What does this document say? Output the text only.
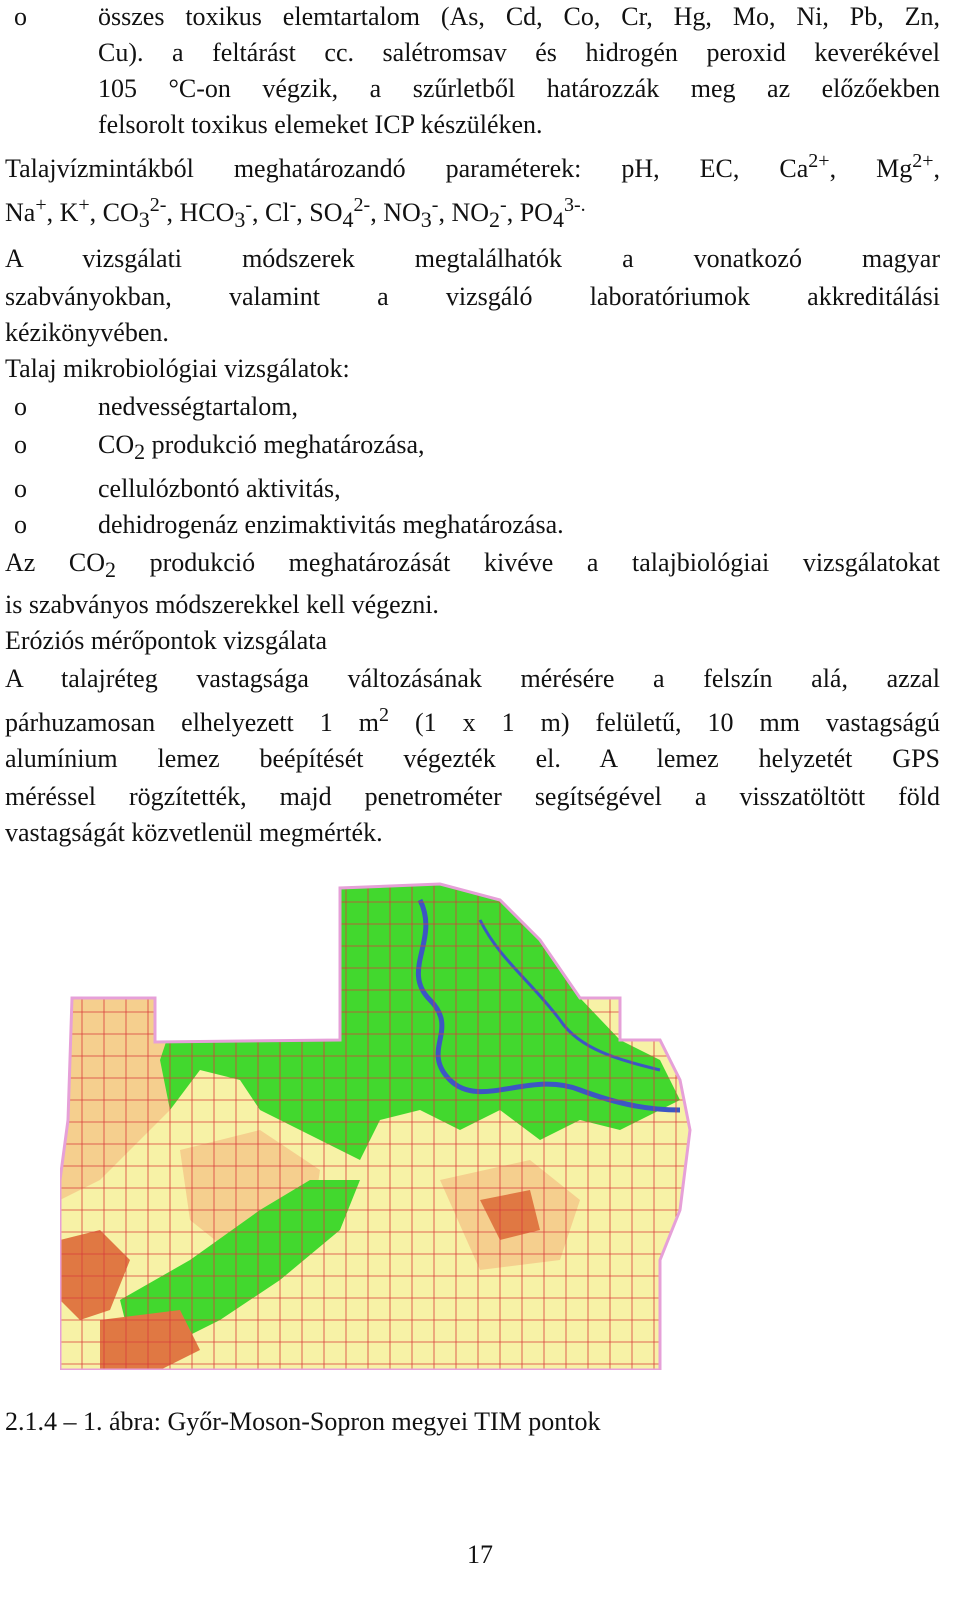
o	összes toxikus elemtartalom (As, Cd, Co, Cr, Hg, Mo, Ni, Pb, Zn,
Cu). a feltárást cc. salétromsav és hidrogén peroxid keverékével
105 °C-on végzik, a szűrletből határozzák meg az előzőekben
felsorolt toxikus elemeket ICP készüléken.
Talajvízmintákból meghatározandó paraméterek: pH, EC, $Ca^{2+}$, $Mg^{2+}$,
Na+, K+, $CO_3^{2-}$, $HCO_3^-$, Cl-, $SO_4^{2-}$, $NO_3^-$, $NO_2^-$, $PO_4^{3-.}$
A vizsgálati módszerek megtalálhatók a vonatkozó magyar
szabványokban, valamint a vizsgáló laboratóriumok akkreditálási
kézikönyvében.
Talaj mikrobiológiai vizsgálatok:
o	nedvességtartalom,
o	$CO_2$ produkció meghatározása,
o	cellulózbontó aktivitás,
o	dehidrogenáz enzimaktivitás meghatározása.
Az $CO_2$ produkció meghatározását kivéve a talajbiológiai vizsgálatokat
is szabványos módszerekkel kell végezni.
Eróziós mérőpontok vizsgálata
A talajréteg vastagsága változásának mérésére a felszín alá, azzal
párhuzamosan elhelyezett 1 $m^2$ (1 x 1 m) felületű, 10 mm vastagságú
alumínium lemez beépítését végezték el. A lemez helyzetét GPS
méréssel rögzítették, majd penetrométer segítségével a visszatöltött föld
vastagságát közvetlenül megmérték.
2.1.4 – 1. ábra: Győr-Moson-Sopron megyei TIM pontok
17
